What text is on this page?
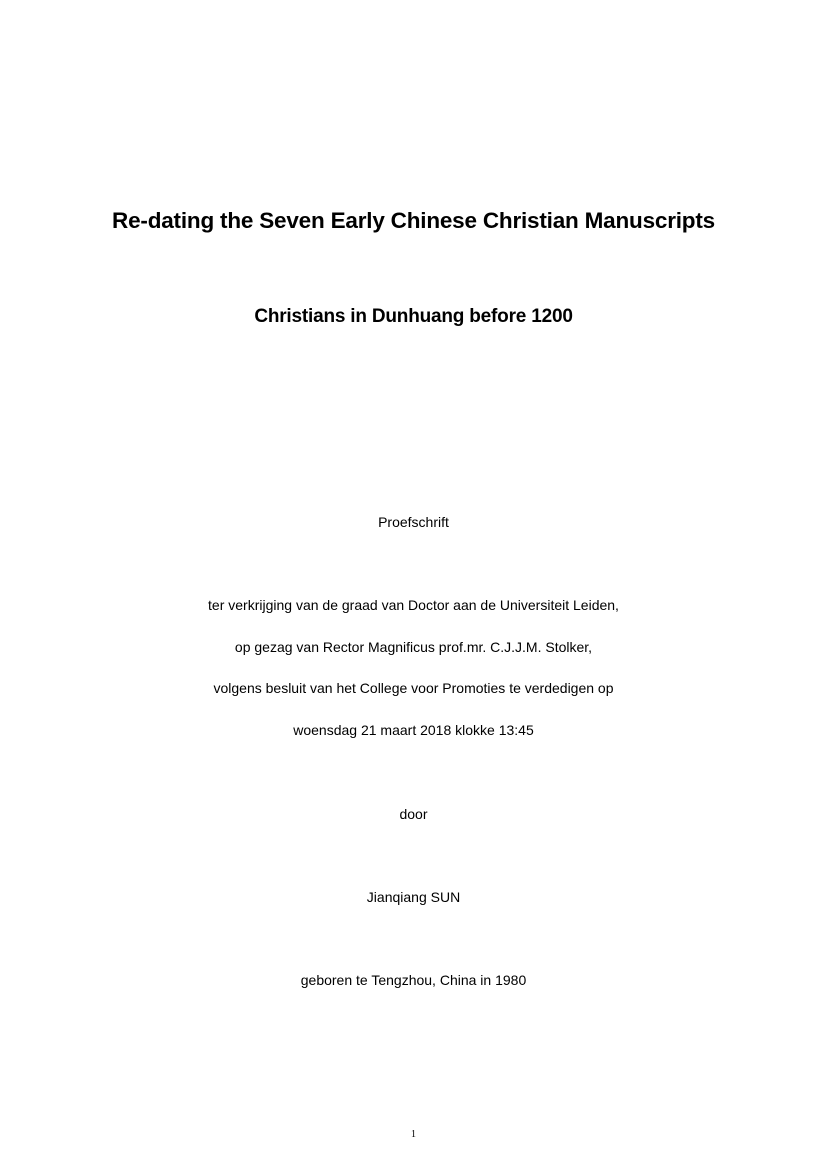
Re-dating the Seven Early Chinese Christian Manuscripts
Christians in Dunhuang before 1200

Proefschrift

ter verkrijging van de graad van Doctor aan de Universiteit Leiden,

op gezag van Rector Magnificus prof.mr. C.J.J.M. Stolker,

volgens besluit van het College voor Promoties te verdedigen op

woensdag 21 maart 2018 klokke 13:45

door

Jianqiang SUN

geboren te Tengzhou, China in 1980

1
